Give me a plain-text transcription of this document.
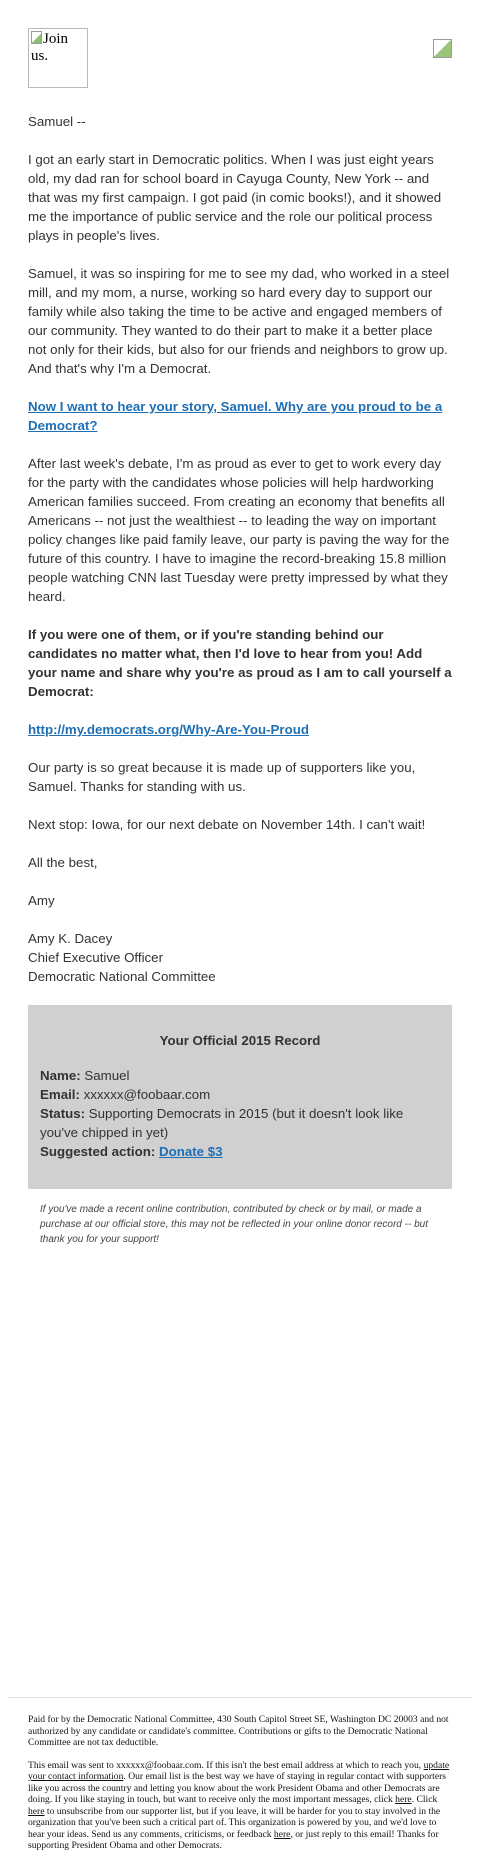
Join us.

Samuel --

I got an early start in Democratic politics. When I was just eight years old, my dad ran for school board in Cayuga County, New York -- and that was my first campaign. I got paid (in comic books!), and it showed me the importance of public service and the role our political process plays in people's lives.

Samuel, it was so inspiring for me to see my dad, who worked in a steel mill, and my mom, a nurse, working so hard every day to support our family while also taking the time to be active and engaged members of our community. They wanted to do their part to make it a better place not only for their kids, but also for our friends and neighbors to grow up. And that's why I'm a Democrat.

Now I want to hear your story, Samuel. Why are you proud to be a Democrat?

After last week's debate, I'm as proud as ever to get to work every day for the party with the candidates whose policies will help hardworking American families succeed. From creating an economy that benefits all Americans -- not just the wealthiest -- to leading the way on important policy changes like paid family leave, our party is paving the way for the future of this country. I have to imagine the record-breaking 15.8 million people watching CNN last Tuesday were pretty impressed by what they heard.

If you were one of them, or if you're standing behind our candidates no matter what, then I'd love to hear from you! Add your name and share why you're as proud as I am to call yourself a Democrat:

http://my.democrats.org/Why-Are-You-Proud

Our party is so great because it is made up of supporters like you, Samuel. Thanks for standing with us.

Next stop: Iowa, for our next debate on November 14th. I can't wait!

All the best,

Amy

Amy K. Dacey

Chief Executive Officer

Democratic National Committee

Your Official 2015 Record

Name: Samuel

Email: xxxxxx@foobaar.com

Status: Supporting Democrats in 2015 (but it doesn't look like you've chipped in yet)

Suggested action: Donate $3

If you've made a recent online contribution, contributed by check or by mail, or made a purchase at our official store, this may not be reflected in your online donor record -- but thank you for your support!

Paid for by the Democratic National Committee, 430 South Capitol Street SE, Washington DC 20003 and not authorized by any candidate or candidate's committee. Contributions or gifts to the Democratic National Committee are not tax deductible.

This email was sent to xxxxxx@foobaar.com. If this isn't the best email address at which to reach you, update your contact information. Our email list is the best way we have of staying in regular contact with supporters like you across the country and letting you know about the work President Obama and other Democrats are doing. If you like staying in touch, but want to receive only the most important messages, click here. Click here to unsubscribe from our supporter list, but if you leave, it will be harder for you to stay involved in the organization that you've been such a critical part of. This organization is powered by you, and we'd love to hear your ideas. Send us any comments, criticisms, or feedback here, or just reply to this email! Thanks for supporting President Obama and other Democrats.
